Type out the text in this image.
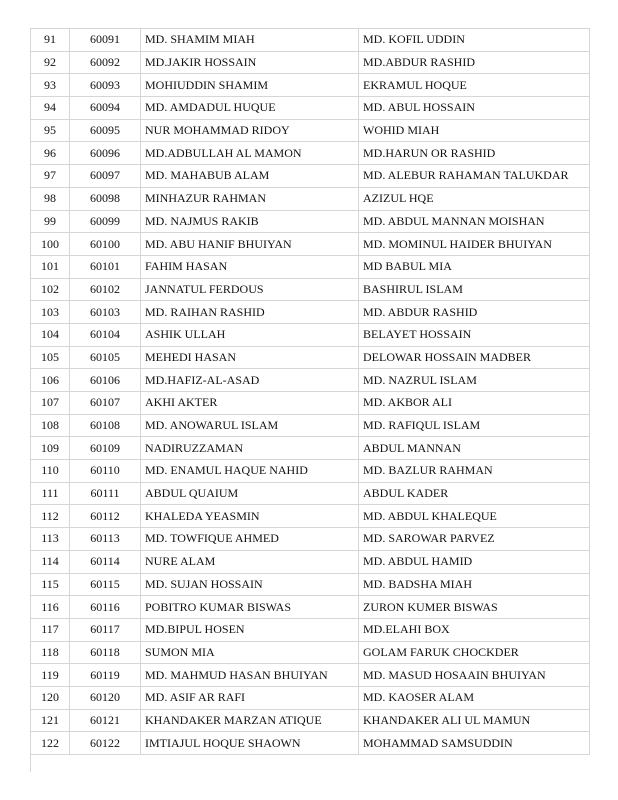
91	60091	MD. SHAMIM MIAH	MD. KOFIL UDDIN
92	60092	MD.JAKIR HOSSAIN	MD.ABDUR RASHID
93	60093	MOHIUDDIN SHAMIM	EKRAMUL HOQUE
94	60094	MD. AMDADUL HUQUE	MD. ABUL HOSSAIN
95	60095	NUR MOHAMMAD RIDOY	WOHID MIAH
96	60096	MD.ADBULLAH AL MAMON	MD.HARUN OR RASHID
97	60097	MD. MAHABUB ALAM	MD. ALEBUR RAHAMAN TALUKDAR
98	60098	MINHAZUR RAHMAN	AZIZUL HQE
99	60099	MD. NAJMUS RAKIB	MD. ABDUL MANNAN MOISHAN
100	60100	MD. ABU HANIF BHUIYAN	MD. MOMINUL HAIDER BHUIYAN
101	60101	FAHIM HASAN	MD BABUL MIA
102	60102	JANNATUL FERDOUS	BASHIRUL ISLAM
103	60103	MD. RAIHAN RASHID	MD. ABDUR RASHID
104	60104	ASHIK ULLAH	BELAYET HOSSAIN
105	60105	MEHEDI HASAN	DELOWAR HOSSAIN MADBER
106	60106	MD.HAFIZ-AL-ASAD	MD. NAZRUL ISLAM
107	60107	AKHI AKTER	MD. AKBOR ALI
108	60108	MD. ANOWARUL ISLAM	MD. RAFIQUL ISLAM
109	60109	NADIRUZZAMAN	ABDUL MANNAN
110	60110	MD. ENAMUL HAQUE NAHID	MD. BAZLUR RAHMAN
111	60111	ABDUL QUAIUM	ABDUL KADER
112	60112	KHALEDA YEASMIN	MD. ABDUL KHALEQUE
113	60113	MD. TOWFIQUE AHMED	MD. SAROWAR PARVEZ
114	60114	NURE ALAM	MD. ABDUL HAMID
115	60115	MD. SUJAN HOSSAIN	MD. BADSHA MIAH
116	60116	POBITRO KUMAR BISWAS	ZURON KUMER BISWAS
117	60117	MD.BIPUL HOSEN	MD.ELAHI BOX
118	60118	SUMON MIA	GOLAM FARUK CHOCKDER
119	60119	MD. MAHMUD HASAN BHUIYAN	MD. MASUD HOSAAIN BHUIYAN
120	60120	MD. ASIF AR RAFI	MD. KAOSER ALAM
121	60121	KHANDAKER MARZAN ATIQUE	KHANDAKER ALI UL MAMUN
122	60122	IMTIAJUL HOQUE SHAOWN	MOHAMMAD SAMSUDDIN
